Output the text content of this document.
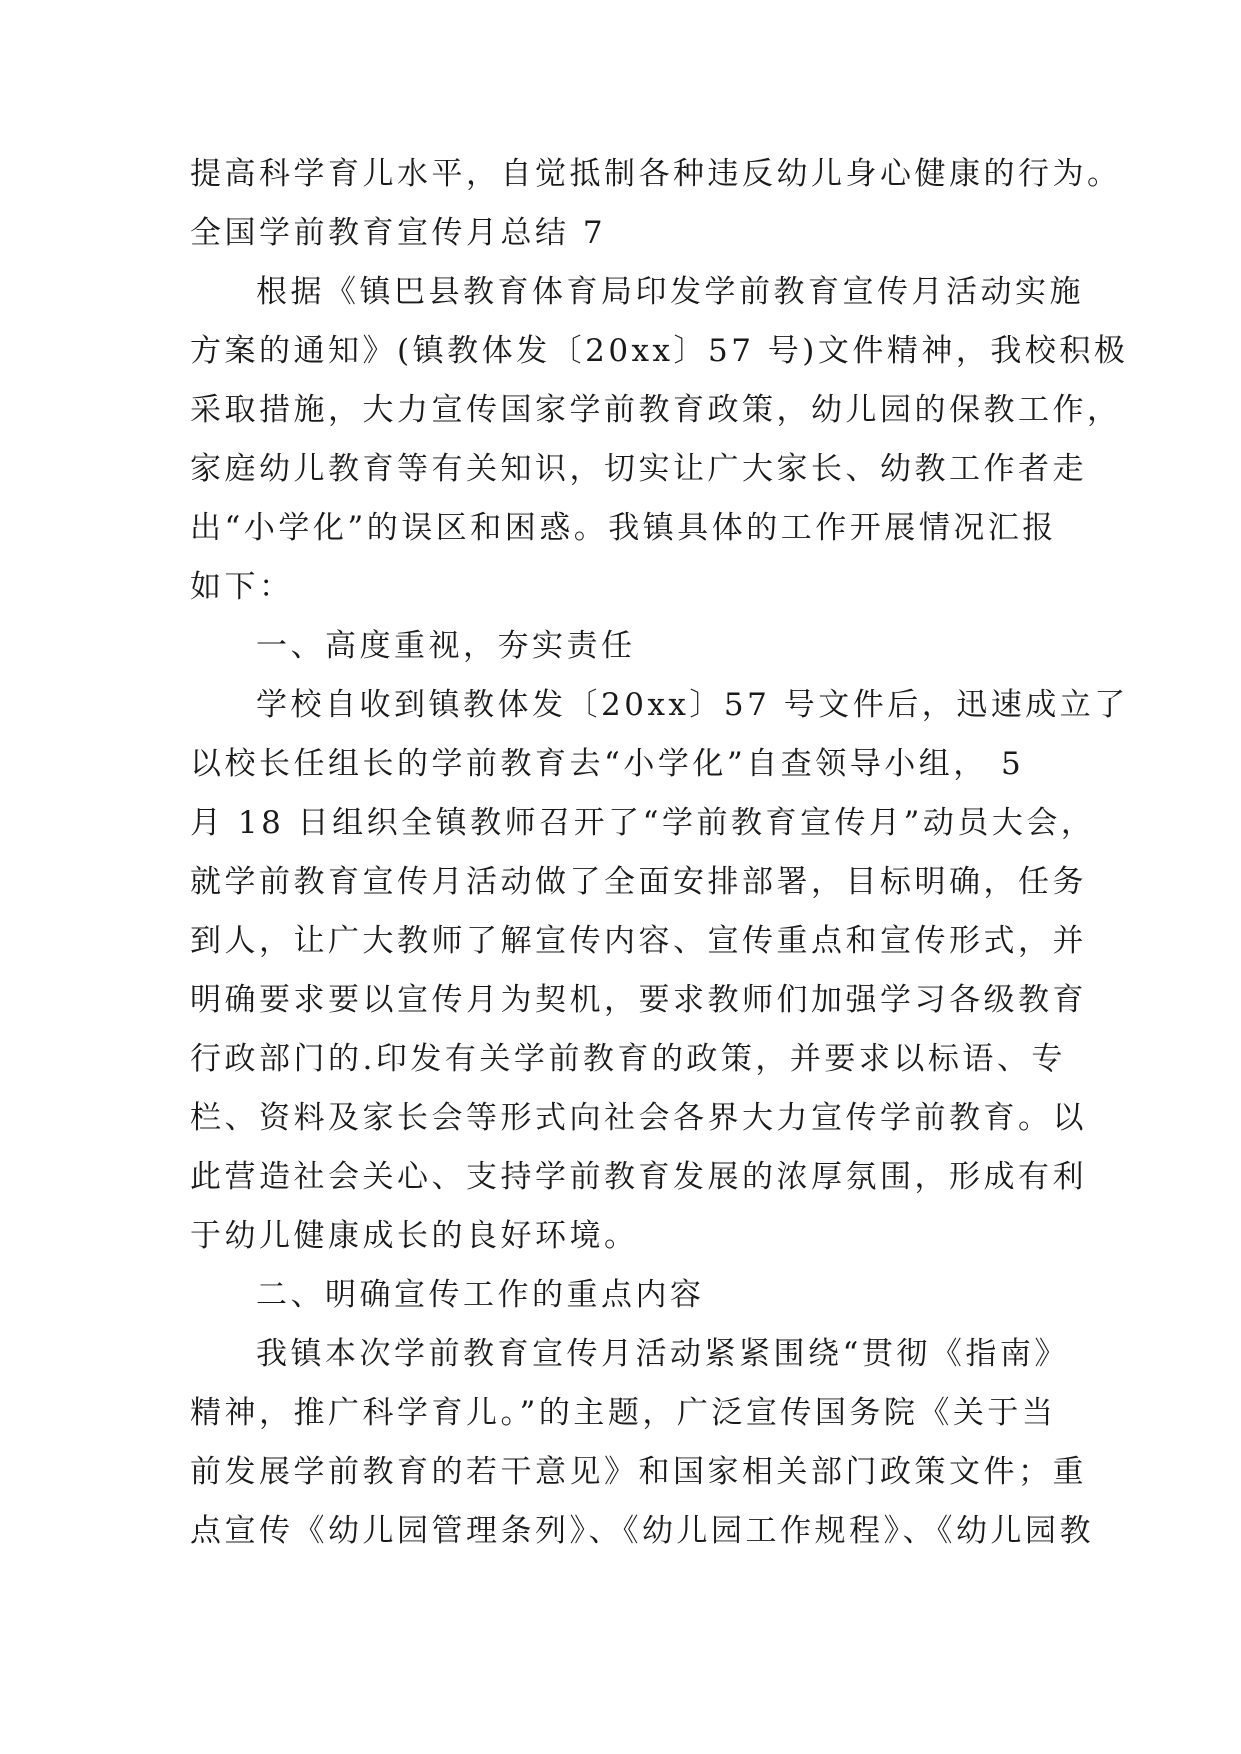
提高科学育儿水平，自觉抵制各种违反幼儿身心健康的行为。
全国学前教育宣传月总结 7
根据《镇巴县教育体育局印发学前教育宣传月活动实施
方案的通知》(镇教体发〔20xx〕57 号)文件精神，我校积极
采取措施，大力宣传国家学前教育政策，幼儿园的保教工作，
家庭幼儿教育等有关知识，切实让广大家长、幼教工作者走
出“小学化”的误区和困惑。我镇具体的工作开展情况汇报
如下：
一、高度重视，夯实责任
学校自收到镇教体发〔20xx〕57 号文件后，迅速成立了
以校长任组长的学前教育去“小学化”自查领导小组， 5
月 18 日组织全镇教师召开了“学前教育宣传月”动员大会，
就学前教育宣传月活动做了全面安排部署，目标明确，任务
到人，让广大教师了解宣传内容、宣传重点和宣传形式，并
明确要求要以宣传月为契机，要求教师们加强学习各级教育
行政部门的.印发有关学前教育的政策，并要求以标语、专
栏、资料及家长会等形式向社会各界大力宣传学前教育。以
此营造社会关心、支持学前教育发展的浓厚氛围，形成有利
于幼儿健康成长的良好环境。
二、明确宣传工作的重点内容
我镇本次学前教育宣传月活动紧紧围绕“贯彻《指南》
精神，推广科学育儿。”的主题，广泛宣传国务院《关于当
前发展学前教育的若干意见》和国家相关部门政策文件；重
点宣传《幼儿园管理条列》、《幼儿园工作规程》、《幼儿园教
